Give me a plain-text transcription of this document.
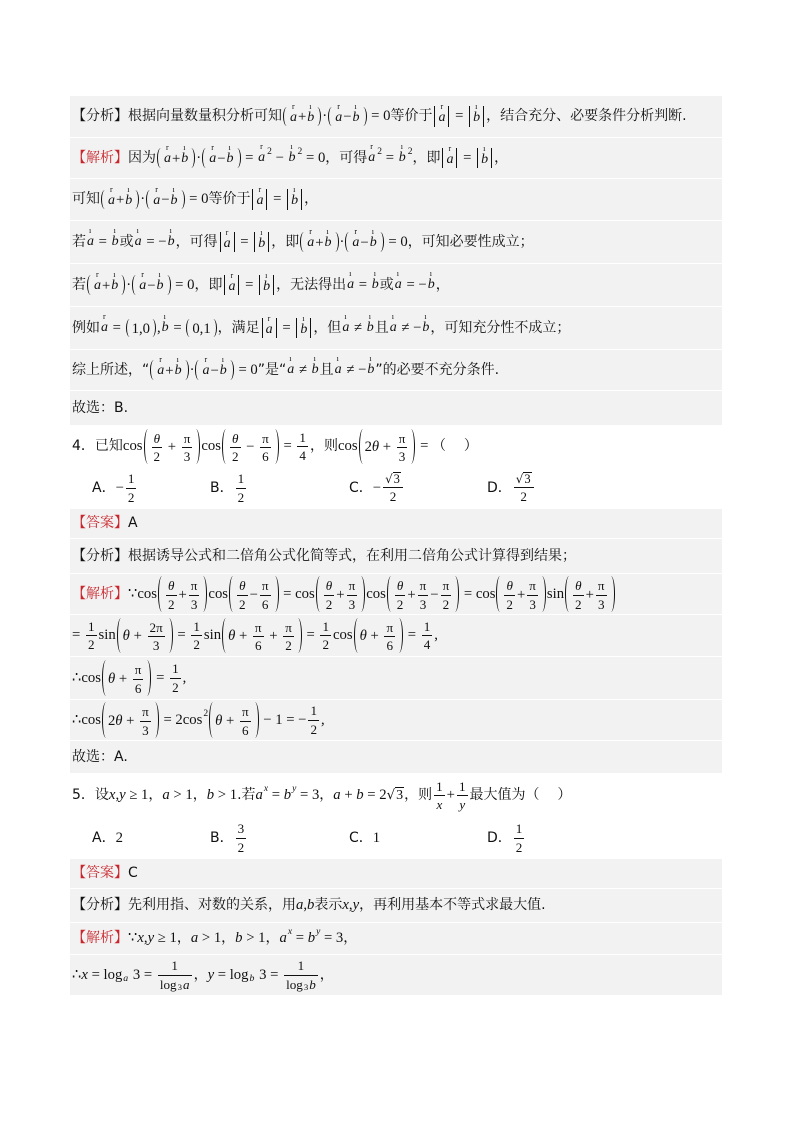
【分析】 根据向量数量积分析可知
r
a +
ı
b ·
r
a −
ı
b = 0 等价于
r
a =
ı
b ，结合充分、必要条件分析判断.
【解析】 因为
r
a +
ı
b ·
r
a −
ı
b =
r
a 2 −
ı
b 2 = 0 ，可得
r
a 2 =
ı
b 2 ，即
r
a =
ı
b ，
可知
r
a +
ı
b ·
r
a −
ı
b = 0 等价于
r
a =
ı
b ，
若
ı
a =
ı
b 或
ı
a = −
ı
b ，可得
r
a =
ı
b ，即
r
a +
ı
b ·
r
a −
ı
b = 0 ，可知必要性成立；
若
r
a +
ı
b ·
r
a −
ı
b = 0 ，即
r
a =
ı
b ，无法得出
ı
a =
ı
b 或
ı
a = −
ı
b ，
例如
r
a = 1,0 ,
ı
b = 0,1 ，满足
r
a =
ı
b ，但
ı
a ≠
ı
b 且
ı
a ≠ −
ı
b ，可知充分性不成立；
综上所述，“
r
a +
ı
b ·
r
a −
ı
b = 0 ”是“
ı
a ≠
ı
b 且
ı
a ≠ −
ı
b ”的必要不充分条件.
故选：B.
4．已知 $\cos \frac{\theta}{2} + \frac{\pi}{3}$ $\cos \frac{\theta}{2} - \frac{\pi}{6} = \frac{1}{4}$ ，则 cos 2 $\theta + \frac{\pi}{3}$ = （    ）
A． − $\frac{1}{2}$	B． $\frac{1}{2}$	C． − $\frac{√ 3}{2}$	D． $\frac{√ 3}{2}$
【答案】 A
【分析】 根据诱导公式和二倍角公式化简等式，在利用二倍角公式计算得到结果；
【解析】 ∵cos $\frac{\theta}{2} + \frac{\pi}{3}$ $\cos \frac{\theta}{2} - \frac{\pi}{6} = \cos \frac{\theta}{2} + \frac{\pi}{3}$ $\cos \frac{\theta}{2} + \frac{\pi}{3} - \frac{\pi}{2} = \cos \frac{\theta}{2} + \frac{\pi}{3}$ $\sin \frac{\theta}{2} + \frac{\pi}{3}$
= $\frac{1}{2}$ $\sin \theta + \frac{2\pi}{3} = \frac{1}{2}$ $\sin \theta + \frac{\pi}{6} + \frac{\pi}{2} = \frac{1}{2}$ $\cos \theta + \frac{\pi}{6} = \frac{1}{4}$ ,
∴cos $\theta + \frac{\pi}{6} = \frac{1}{2}$ ,
∴cos 2 $\theta + \frac{\pi}{3} = 2\cos$ 2 $\theta + \frac{\pi}{6} - 1$ = − $\frac{1}{2}$ ,
故选：A.
5．设 x , y ≥ 1 ， a > 1 ， b > 1 .若 a x = b y = 3 ， a + b = 2 √ 3 ，则 $\frac{1}{x} + \frac{1}{y}$ 最大值为（    ）
A． 2	B． $\frac{3}{2}$	C． 1	D． $\frac{1}{2}$
【答案】 C
【分析】 先利用指、对数的关系，用 a , b 表示 x , y ，再利用基本不等式求最大值.
【解析】 ∵ x , y ≥ 1 ， a > 1 ， b > 1 ， a x = b y = 3 ，
∴ x = log a $3 = \frac{1}{\log 3 a}$ ， y = log b $3 = \frac{1}{\log 3 b}$ ，
